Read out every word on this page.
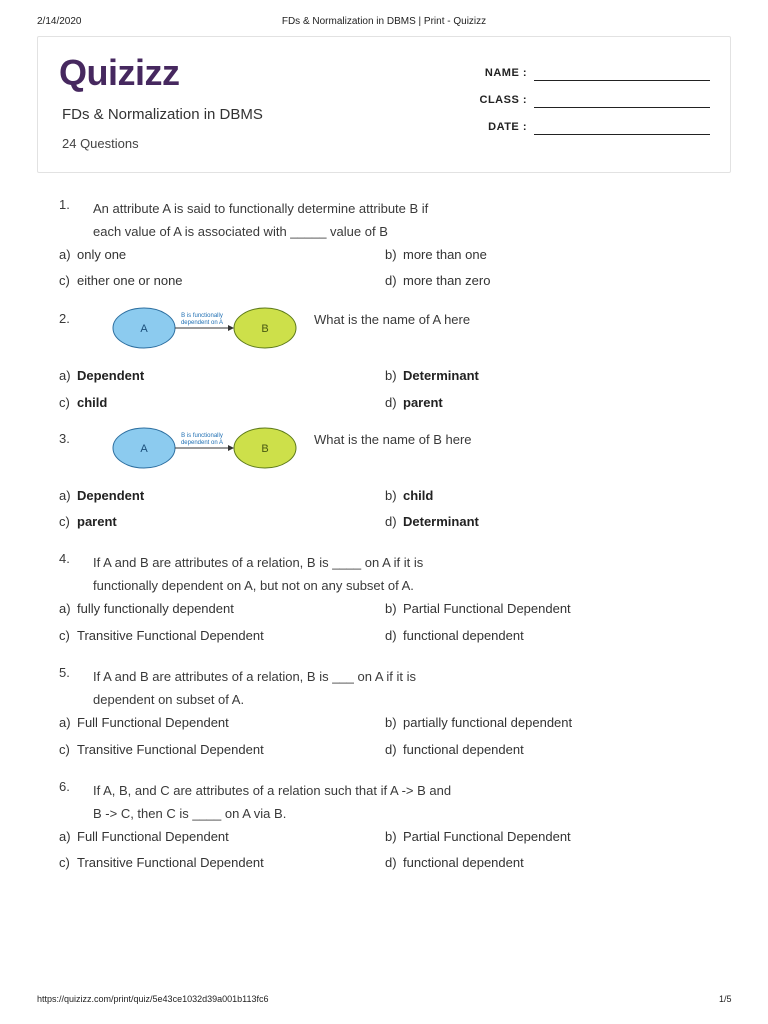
2/14/2020	FDs & Normalization in DBMS | Print - Quizizz
https://quizizz.com/print/quiz/5e43ce1032d39a001b113fc6	1/5
Quizizz
FDs & Normalization in DBMS
24 Questions
NAME :
CLASS :
DATE :
1. An attribute A is said to functionally determine attribute B if
each value of A is associated with _____ value of B
a) only one	b) more than one
c) either one or none	d) more than zero
2.
A	B
B is functionally
dependent on A	What is the name of A here
a) Dependent	b) Determinant
c) child	d) parent
3.
A	B
B is functionally
dependent on A	What is the name of B here
a) Dependent	b) child
c) parent	d) Determinant
4. If A and B are attributes of a relation, B is ____ on A if it is
functionally dependent on A, but not on any subset of A.
a) fully functionally dependent	b) Partial Functional Dependent
c) Transitive Functional Dependent	d) functional dependent
5. If A and B are attributes of a relation, B is ___ on A if it is
dependent on subset of A.
a) Full Functional Dependent	b) partially functional dependent
c) Transitive Functional Dependent	d) functional dependent
6. If A, B, and C are attributes of a relation such that if A -> B and
B -> C, then C is ____ on A via B.
a) Full Functional Dependent	b) Partial Functional Dependent
c) Transitive Functional Dependent	d) functional dependent
